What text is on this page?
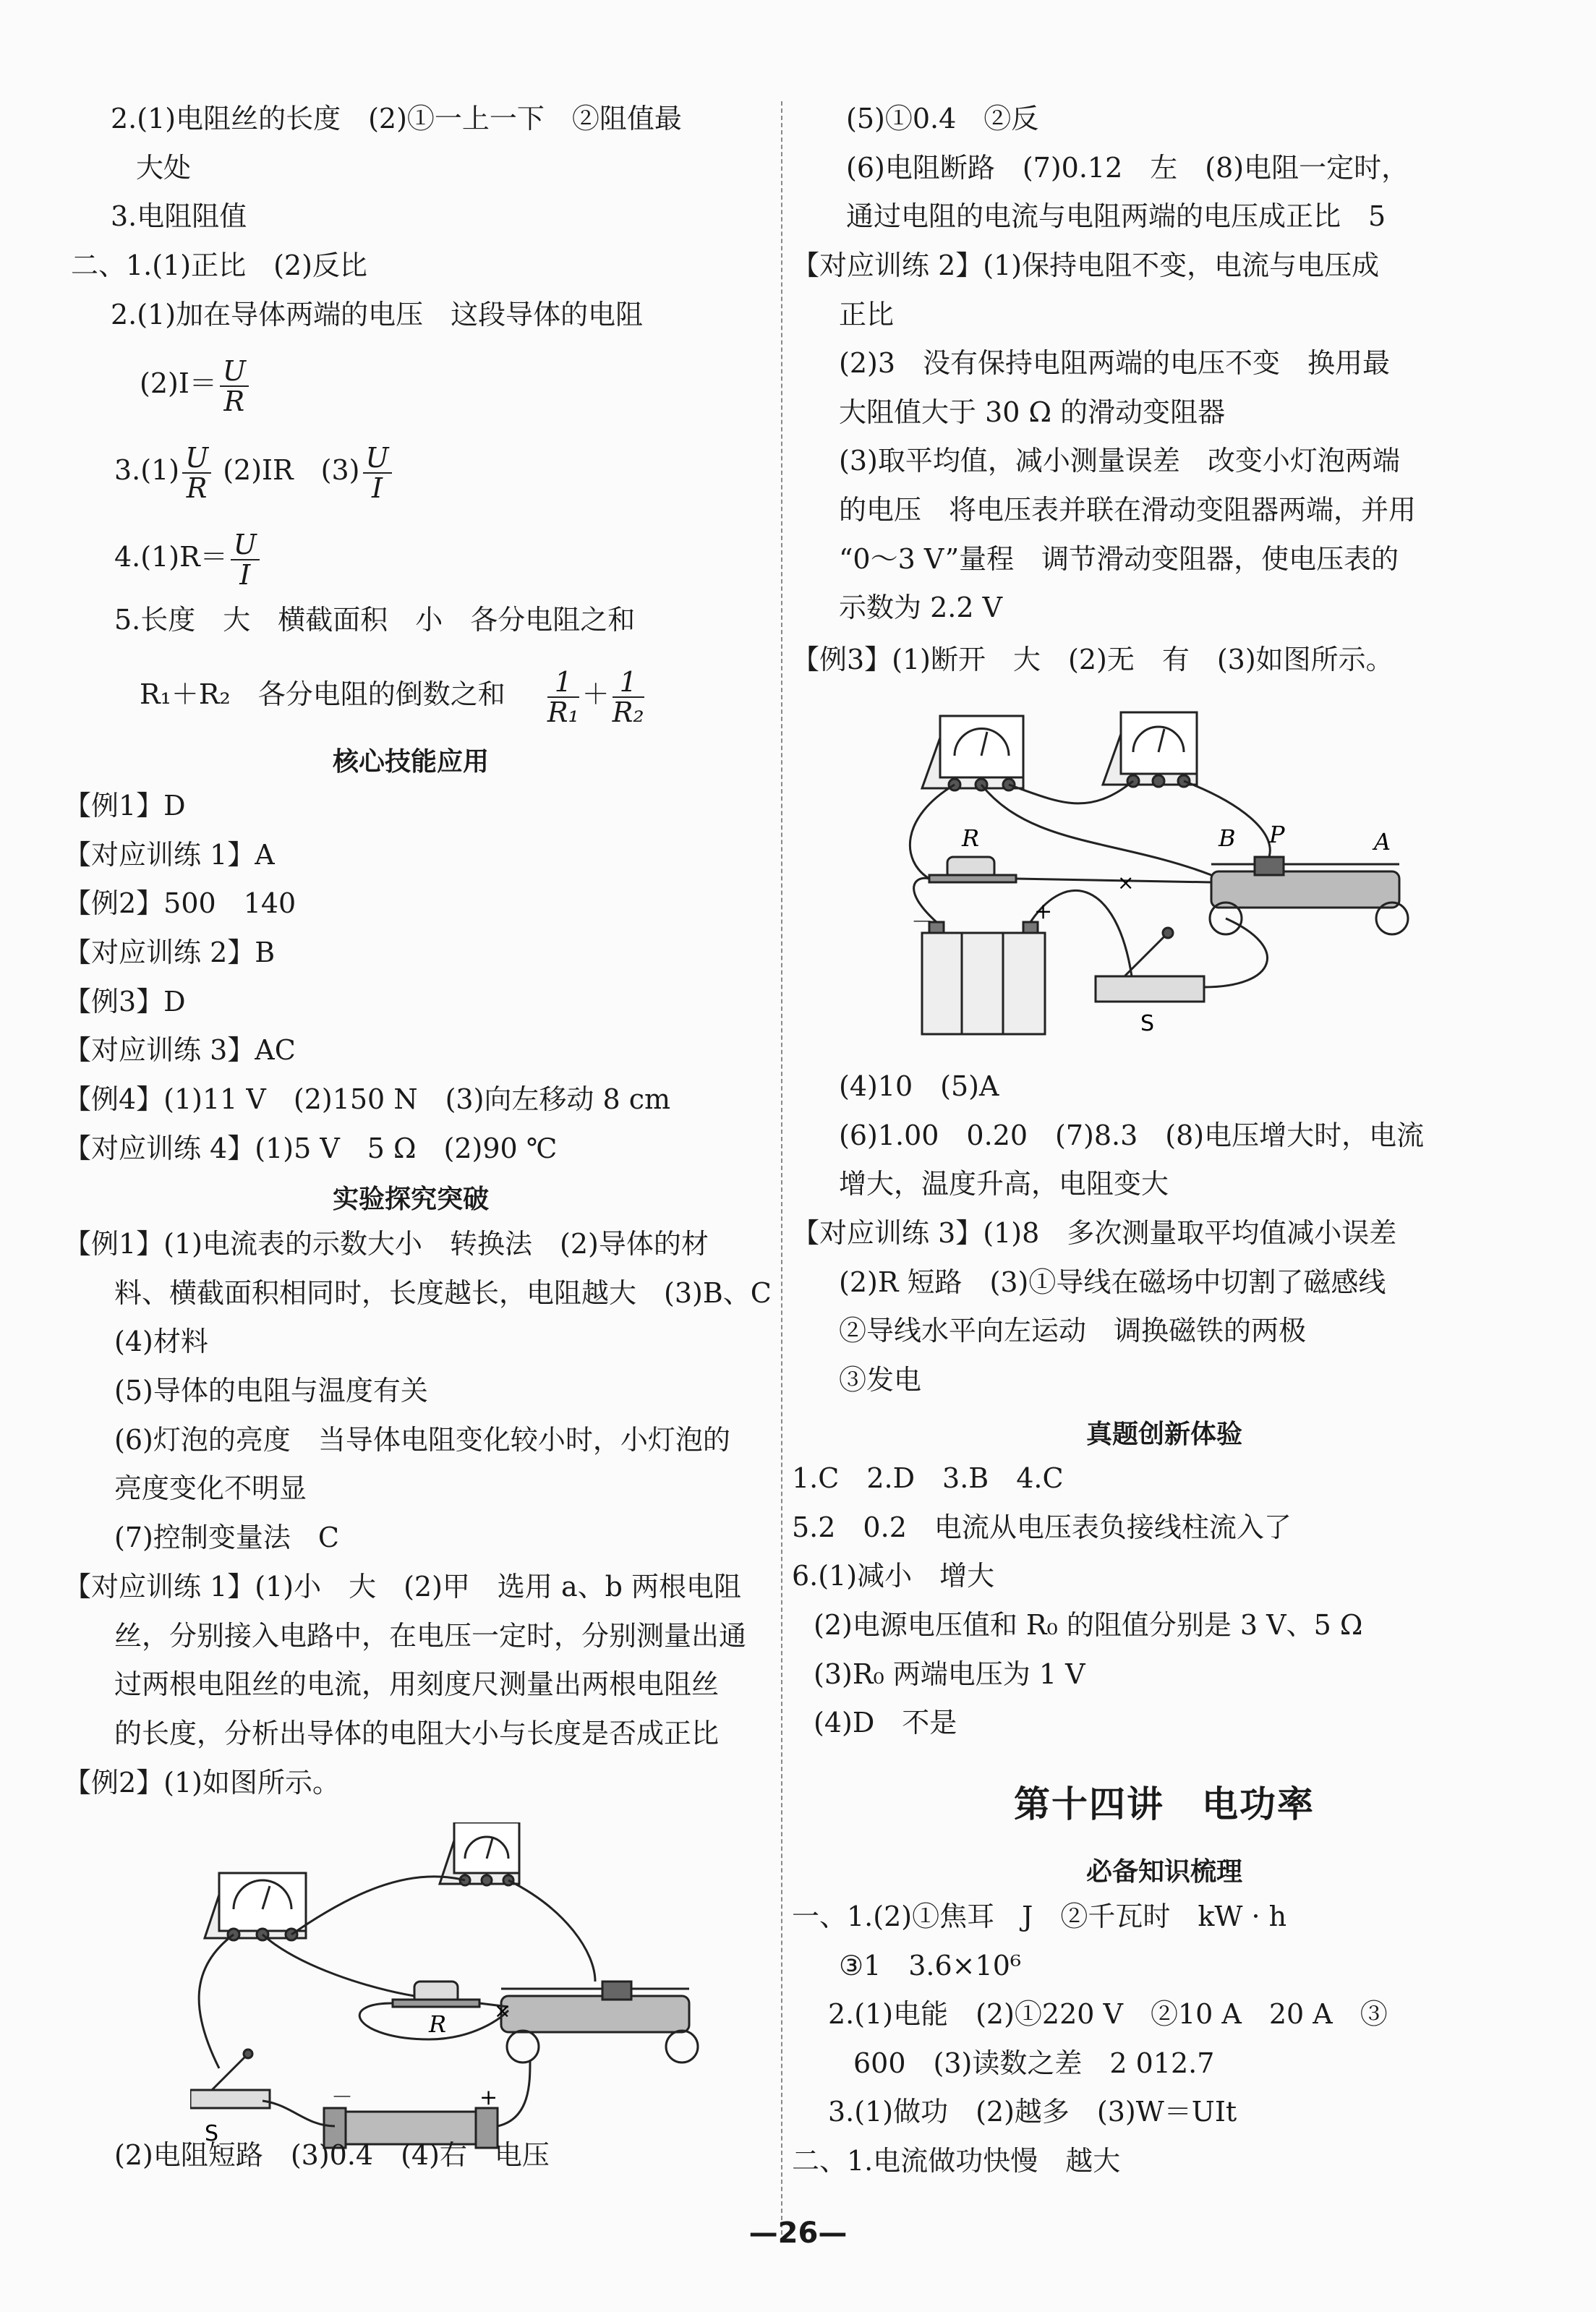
2.(1)电阻丝的长度　(2)①一上一下　②阻值最
大处
3.电阻阻值
二、1.(1)正比　(2)反比
2.(1)加在导体两端的电压　这段导体的电阻
$(2)I= \frac{U}{R}$
$3.(1) \frac{U}{R} (2)IR$　$(3) \frac{U}{I}$
$4.(1)R= \frac{U}{I}$
5.长度　大　横截面积　小　各分电阻之和
R₁＋R₂　各分电阻的倒数之和 $\frac{1}{\text{R₁}} + \frac{1}{\text{R₂}}$
核心技能应用
【例1】D
【对应训练 1】A
【例2】500　140
【对应训练 2】B
【例3】D
【对应训练 3】AC
【例4】(1)11 V　(2)150 N　(3)向左移动 8 cm
【对应训练 4】(1)5 V　5 Ω　(2)90 ℃
实验探究突破
【例1】(1)电流表的示数大小　转换法　(2)导体的材
料、横截面积相同时，长度越长，电阻越大　(3)B、C
(4)材料
(5)导体的电阻与温度有关
(6)灯泡的亮度　当导体电阻变化较小时，小灯泡的
亮度变化不明显
(7)控制变量法　C
【对应训练 1】(1)小　大　(2)甲　选用 a、b 两根电阻
丝，分别接入电路中，在电压一定时，分别测量出通
过两根电阻丝的电流，用刻度尺测量出两根电阻丝
的长度，分析出导体的电阻大小与长度是否成正比
【例2】(1)如图所示。
R
S
－	+
×
(2)电阻短路　(3)0.4　(4)右　电压
(5)①0.4　②反
(6)电阻断路　(7)0.12　左　(8)电阻一定时，
通过电阻的电流与电阻两端的电压成正比　5
【对应训练 2】(1)保持电阻不变，电流与电压成
正比
(2)3　没有保持电阻两端的电压不变　换用最
大阻值大于 30 Ω 的滑动变阻器
(3)取平均值，减小测量误差　改变小灯泡两端
的电压　将电压表并联在滑动变阻器两端，并用
“0～3 V”量程　调节滑动变阻器，使电压表的
示数为 2.2 V
【例3】(1)断开　大　(2)无　有　(3)如图所示。
R	B P	A
S
－	+
×
(4)10　(5)A
(6)1.00　0.20　(7)8.3　(8)电压增大时，电流
增大，温度升高，电阻变大
【对应训练 3】(1)8　多次测量取平均值减小误差
(2)R 短路　(3)①导线在磁场中切割了磁感线
②导线水平向左运动　调换磁铁的两极
③发电
真题创新体验
1.C　2.D　3.B　4.C
5.2　0.2　电流从电压表负接线柱流入了
6.(1)减小　增大
(2)电源电压值和 R₀ 的阻值分别是 3 V、5 Ω
(3)R₀ 两端电压为 1 V
(4)D　不是
第十四讲　电功率
必备知识梳理
一、1.(2)①焦耳　J　②千瓦时　kW · h
③1　3.6×10⁶
2.(1)电能　(2)①220 V　②10 A　20 A　③
600　(3)读数之差　2 012.7
3.(1)做功　(2)越多　(3)W＝UIt
二、1.电流做功快慢　越大
—26—
